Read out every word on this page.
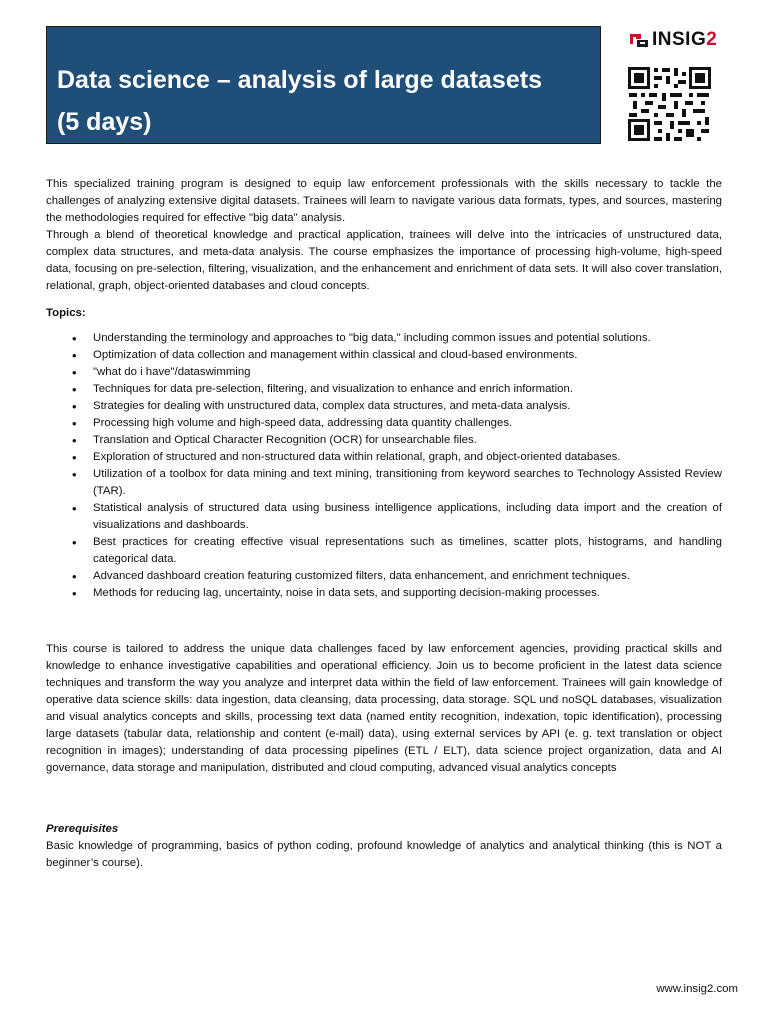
Data science – analysis of large datasets
(5 days)
INSIG2

This specialized training program is designed to equip law enforcement professionals with the skills necessary to tackle the challenges of analyzing extensive digital datasets. Trainees will learn to navigate various data formats, types, and sources, mastering the methodologies required for effective "big data" analysis.

Through a blend of theoretical knowledge and practical application, trainees will delve into the intricacies of unstructured data, complex data structures, and meta-data analysis. The course emphasizes the importance of processing high-volume, high-speed data, focusing on pre-selection, filtering, visualization, and the enhancement and enrichment of data sets. It will also cover translation, relational, graph, object-oriented databases and cloud concepts.

Topics:
• Understanding the terminology and approaches to "big data," including common issues and potential solutions.
• Optimization of data collection and management within classical and cloud-based environments.
• "what do i have"/dataswimming
• Techniques for data pre-selection, filtering, and visualization to enhance and enrich information.
• Strategies for dealing with unstructured data, complex data structures, and meta-data analysis.
• Processing high volume and high-speed data, addressing data quantity challenges.
• Translation and Optical Character Recognition (OCR) for unsearchable files.
• Exploration of structured and non-structured data within relational, graph, and object-oriented databases.
• Utilization of a toolbox for data mining and text mining, transitioning from keyword searches to Technology Assisted Review (TAR).
• Statistical analysis of structured data using business intelligence applications, including data import and the creation of visualizations and dashboards.
• Best practices for creating effective visual representations such as timelines, scatter plots, histograms, and handling categorical data.
• Advanced dashboard creation featuring customized filters, data enhancement, and enrichment techniques.
• Methods for reducing lag, uncertainty, noise in data sets, and supporting decision-making processes.

This course is tailored to address the unique data challenges faced by law enforcement agencies, providing practical skills and knowledge to enhance investigative capabilities and operational efficiency. Join us to become proficient in the latest data science techniques and transform the way you analyze and interpret data within the field of law enforcement. Trainees will gain knowledge of operative data science skills: data ingestion, data cleansing, data processing, data storage. SQL und noSQL databases, visualization and visual analytics concepts and skills, processing text data (named entity recognition, indexation, topic identification), processing large datasets (tabular data, relationship and content (e-mail) data), using external services by API (e. g. text translation or object recognition in images); understanding of data processing pipelines (ETL / ELT), data science project organization, data and AI governance, data storage and manipulation, distributed and cloud computing, advanced visual analytics concepts

Prerequisites

Basic knowledge of programming, basics of python coding, profound knowledge of analytics and analytical thinking (this is NOT a beginner’s course).

www.insig2.com
